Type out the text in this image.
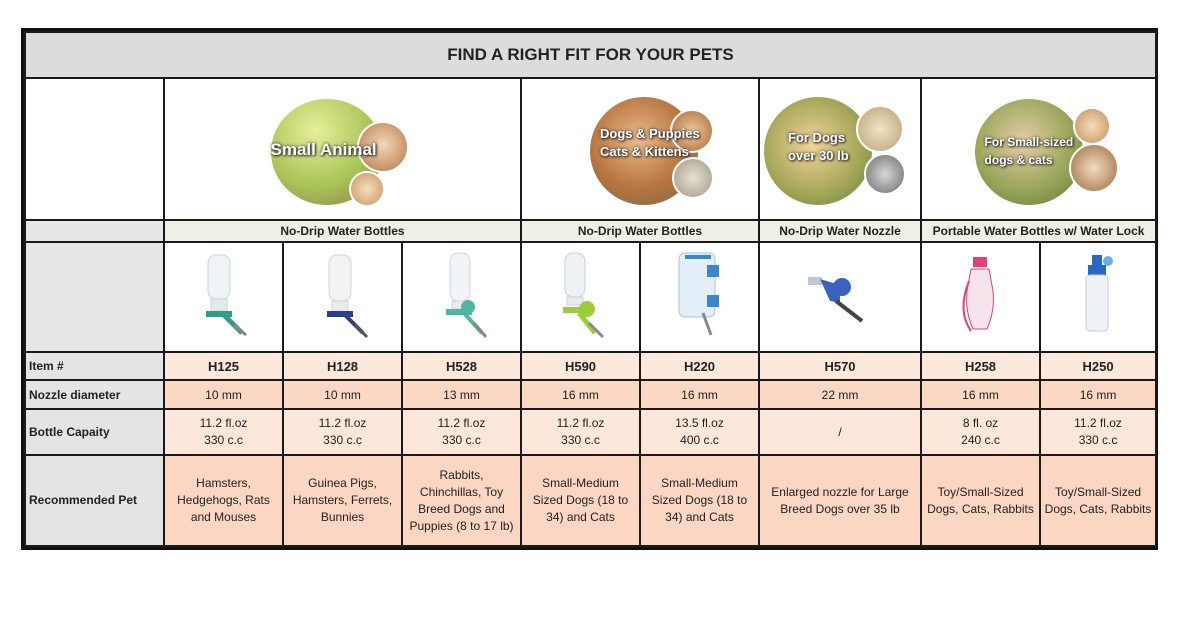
FIND A RIGHT FIT FOR YOUR PETS								

	Small Animal			Dogs & Puppies
Cats & Kittens		For Dogs
over 30 lb	For Small-sized
dogs & cats	

	No-Drip Water Bottles			No-Drip Water Bottles		No-Drip Water Nozzle	Portable Water Bottles w/ Water Lock	

Item #	H125	H128	H528	H590	H220	H570	H258	H250
Nozzle diameter	10 mm	10 mm	13 mm	16 mm	16 mm	22 mm	16 mm	16 mm
Bottle Capaity	11.2 fl.oz
330 c.c	11.2 fl.oz
330 c.c	11.2 fl.oz
330 c.c	11.2 fl.oz
330 c.c	13.5 fl.oz
400 c.c	/	8 fl. oz
240 c.c	11.2 fl.oz
330 c.c

Recommended Pet	Hamsters,
Hedgehogs, Rats
and Mouses	Guinea Pigs,
Hamsters, Ferrets,
Bunnies	Rabbits,
Chinchillas, Toy
Breed Dogs and
Puppies (8 to 17 lb)	Small-Medium
Sized Dogs (18 to
34) and Cats	Small-Medium
Sized Dogs (18 to
34) and Cats	Enlarged nozzle for Large
Breed Dogs over 35 lb	Toy/Small-Sized
Dogs, Cats, Rabbits	Toy/Small-Sized
Dogs, Cats, Rabbits
